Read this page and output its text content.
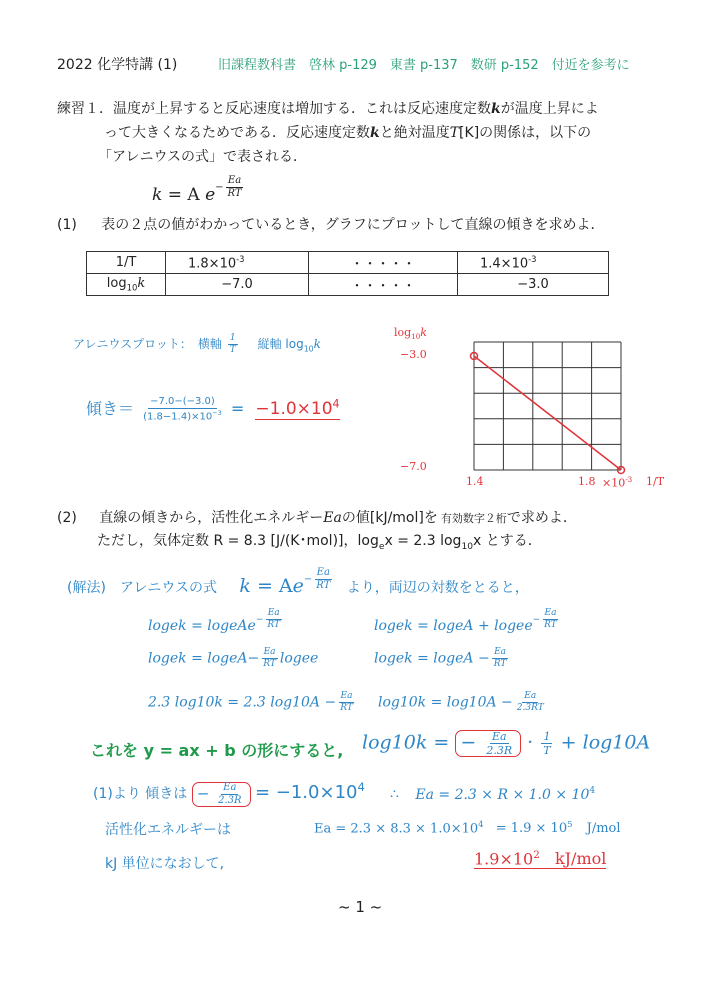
2022 化学特講 (1)	旧課程教科書　啓林 p-129　東書 p-137　数研 p-152　付近を参考に
練習１．温度が上昇すると反応速度は増加する．これは反応速度定数kが温度上昇によ
って大きくなるためである．反応速度定数kと絶対温度T[K]の関係は，以下の
「アレニウスの式」で表される．
k = A $e- \frac{Ea}{RT}$
(1) 表の２点の値がわかっているとき，グラフにプロットして直線の傾きを求めよ．
1/T	$1.8\times 10^{-3}$	・・・・・	$1.4\times 10^{-3}$
$\log_{10}k$	−7.0	・・・・・	−3.0
アレニウスプロット：　横軸 $\frac{1}{T}$ 縦軸 $\log_{10}k$
傾き＝ $\frac{-7.0-(-3.0)}{(1.8-1.4)\times 10^{-3}} = -1.0\times 10^4$
$\log_{10}k$
−3.0
−7.0
1.4	$1.8 \times 10^{-3}$ 1/T
(2) 直線の傾きから，活性化エネルギーEaの値[kJ/mol]を 有効数字２桁で求めよ．
ただし，気体定数 R = 8.3 [J/(K･mol)]，$\log_ex = 2.3$ $\log_{10}x$ とする．
(解法)　アレニウスの式 $k = Ae- \frac{Ea}{RT}$ より，両辺の対数をとると，
logek = logeAe− $\frac{Ea}{RT}$	logek = logeA + logee− $\frac{Ea}{RT}$
logek = logeA− $\frac{Ea}{RT}$ logee	logek = logeA − $\frac{Ea}{RT}$
2.3 log10k = 2.3 $\log 10A - \frac{Ea}{RT} \log 10k = \log 10A - \frac{Ea}{2.3RT}$
これを y = ax + b の形にすると, log10k = − $\frac{Ea}{2.3R} \cdot \frac{1}{T} + \log 10A$
(1)より 傾きは − $\frac{Ea}{2.3R} = -1.0\times 10^4$ ∴ $Ea = 2.3 \times R \times 1.0 \times 10^4$
活性化エネルギーは	$Ea = 2.3 \times 8.3 \times 1.0\times 10^4 = 1.9 \times 10^5$ J/mol
kJ 単位になおして,	$1.9\times 10^2$ kJ/mol
~ 1 ~
